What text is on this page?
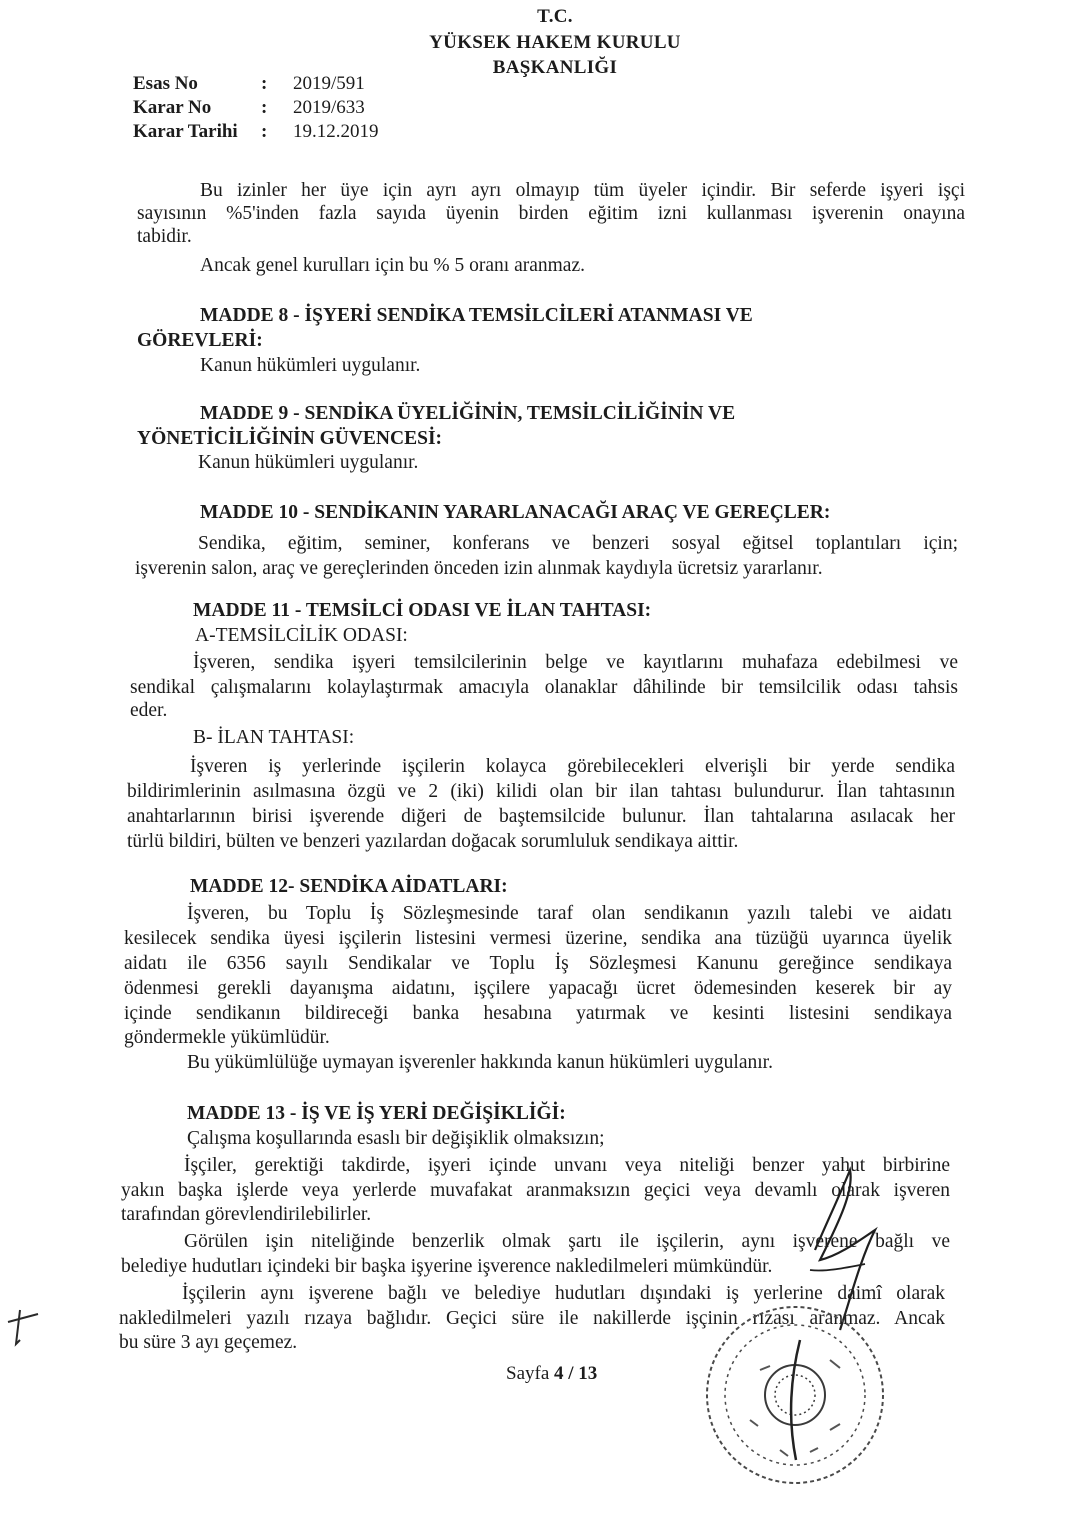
T.C.
YÜKSEK HAKEM KURULU
BAŞKANLIĞI
Esas No	:	2019/591
Karar No	:	2019/633
Karar Tarihi	:	19.12.2019
Bu izinler her üye için ayrı ayrı olmayıp tüm üyeler içindir. Bir seferde işyeri işçi
sayısının %5'inden fazla sayıda üyenin birden eğitim izni kullanması işverenin onayına
tabidir.
Ancak genel kurulları için bu % 5 oranı aranmaz.
MADDE 8 - İŞYERİ SENDİKA TEMSİLCİLERİ ATANMASI VE
GÖREVLERİ:
Kanun hükümleri uygulanır.
MADDE 9 - SENDİKA ÜYELİĞİNİN, TEMSİLCİLİĞİNİN VE
YÖNETİCİLİĞİNİN GÜVENCESİ:
Kanun hükümleri uygulanır.
MADDE 10 - SENDİKANIN YARARLANACAĞI ARAÇ VE GEREÇLER:
Sendika, eğitim, seminer, konferans ve benzeri sosyal eğitsel toplantıları için;
işverenin salon, araç ve gereçlerinden önceden izin alınmak kaydıyla ücretsiz yararlanır.
MADDE 11 - TEMSİLCİ ODASI VE İLAN TAHTASI:
A-TEMSİLCİLİK ODASI:
İşveren, sendika işyeri temsilcilerinin belge ve kayıtlarını muhafaza edebilmesi ve
sendikal çalışmalarını kolaylaştırmak amacıyla olanaklar dâhilinde bir temsilcilik odası tahsis
eder.
B- İLAN TAHTASI:
İşveren iş yerlerinde işçilerin kolayca görebilecekleri elverişli bir yerde sendika
bildirimlerinin asılmasına özgü ve 2 (iki) kilidi olan bir ilan tahtası bulundurur. İlan tahtasının
anahtarlarının birisi işverende diğeri de baştemsilcide bulunur. İlan tahtalarına asılacak her
türlü bildiri, bülten ve benzeri yazılardan doğacak sorumluluk sendikaya aittir.
MADDE 12- SENDİKA AİDATLARI:
İşveren, bu Toplu İş Sözleşmesinde taraf olan sendikanın yazılı talebi ve aidatı
kesilecek sendika üyesi işçilerin listesini vermesi üzerine, sendika ana tüzüğü uyarınca üyelik
aidatı ile 6356 sayılı Sendikalar ve Toplu İş Sözleşmesi Kanunu gereğince sendikaya
ödenmesi gerekli dayanışma aidatını, işçilere yapacağı ücret ödemesinden keserek bir ay
içinde sendikanın bildireceği banka hesabına yatırmak ve kesinti listesini sendikaya
göndermekle yükümlüdür.
Bu yükümlülüğe uymayan işverenler hakkında kanun hükümleri uygulanır.
MADDE 13 - İŞ VE İŞ YERİ DEĞİŞİKLİĞİ:
Çalışma koşullarında esaslı bir değişiklik olmaksızın;
İşçiler, gerektiği takdirde, işyeri içinde unvanı veya niteliği benzer yahut birbirine
yakın başka işlerde veya yerlerde muvafakat aranmaksızın geçici veya devamlı olarak işveren
tarafından görevlendirilebilirler.
Görülen işin niteliğinde benzerlik olmak şartı ile işçilerin, aynı işverene bağlı ve
belediye hudutları içindeki bir başka işyerine işverence nakledilmeleri mümkündür.
İşçilerin aynı işverene bağlı ve belediye hudutları dışındaki iş yerlerine daimî olarak
nakledilmeleri yazılı rızaya bağlıdır. Geçici süre ile nakillerde işçinin rızası aranmaz. Ancak
bu süre 3 ayı geçemez.
Sayfa 4 / 13
